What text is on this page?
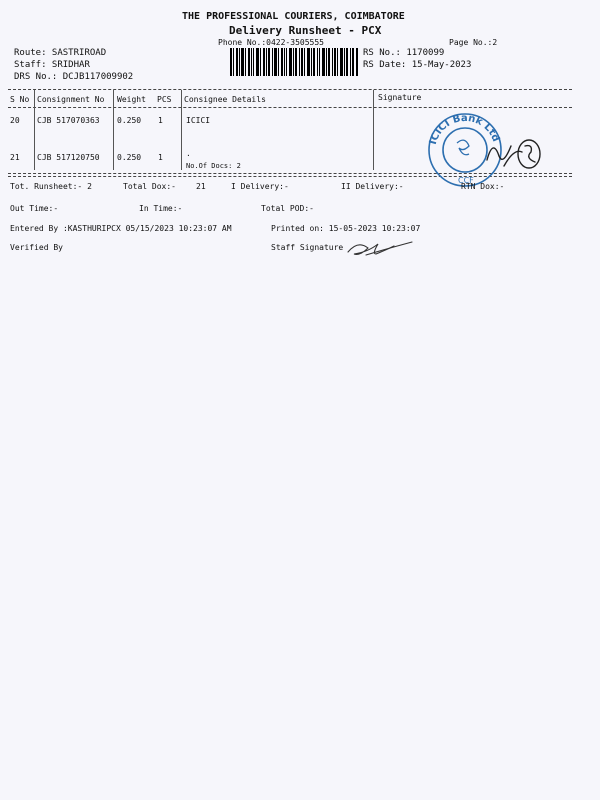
THE PROFESSIONAL COURIERS, COIMBATORE
Delivery Runsheet - PCX
Phone No.:0422-3505555	Page No.:2
Route: SASTRIROAD
Staff: SRIDHAR
DRS No.: DCJB117009902
RS No.: 1170099
RS Date: 15-May-2023
S No Consignment No Weight PCS Consignee Details	Signature
20 CJB 517070363 0.250 1	ICICI
21 CJB 517120750 0.250 1	.
No.Of Docs: 2
ICICI Bank Ltd
CCF
Tot. Runsheet:- 2	Total Dox:-	21	I Delivery:-	II Delivery:-	RTN Dox:-
Out Time:-	In Time:-	Total POD:-
Entered By :KASTHURIPCX 05/15/2023 10:23:07 AM	Printed on: 15-05-2023 10:23:07
Verified By	Staff Signature
